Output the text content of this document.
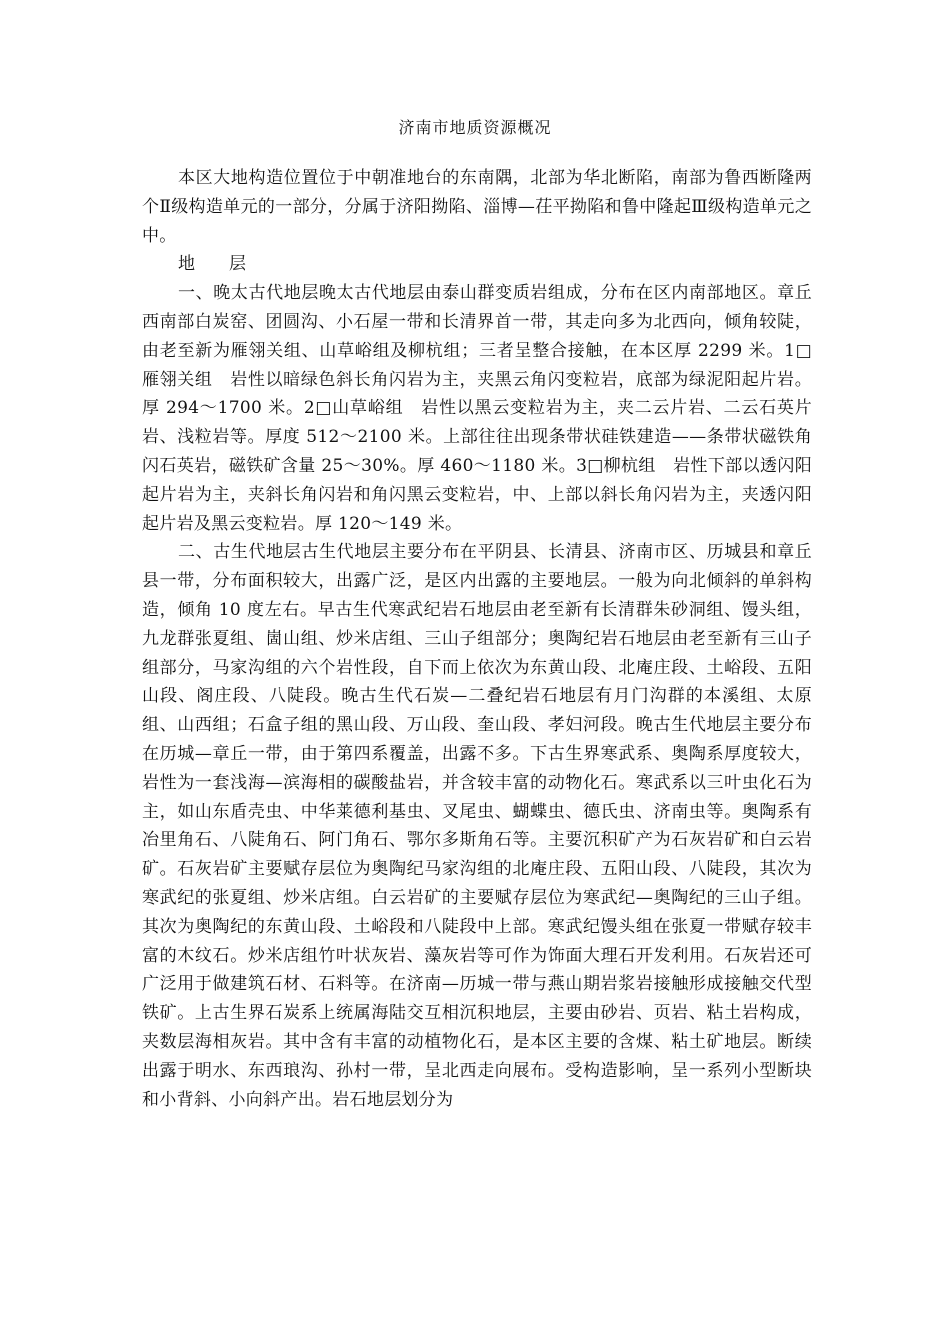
济南市地质资源概况

本区大地构造位置位于中朝准地台的东南隅，北部为华北断陷，南部为鲁西断隆两个Ⅱ级构造单元的一部分，分属于济阳拗陷、淄博—茌平拗陷和鲁中隆起Ⅲ级构造单元之中。

地　　层

一、晚太古代地层晚太古代地层由泰山群变质岩组成，分布在区内南部地区。章丘西南部白炭窑、团圆沟、小石屋一带和长清界首一带，其走向多为北西向，倾角较陡，由老至新为雁翎关组、山草峪组及柳杭组；三者呈整合接触，在本区厚 2299 米。1□雁翎关组　岩性以暗绿色斜长角闪岩为主，夹黑云角闪变粒岩，底部为绿泥阳起片岩。厚 294～1700 米。2□山草峪组　岩性以黑云变粒岩为主，夹二云片岩、二云石英片岩、浅粒岩等。厚度 512～2100 米。上部往往出现条带状硅铁建造——条带状磁铁角闪石英岩，磁铁矿含量 25～30%。厚 460～1180 米。3□柳杭组　岩性下部以透闪阳起片岩为主，夹斜长角闪岩和角闪黑云变粒岩，中、上部以斜长角闪岩为主，夹透闪阳起片岩及黑云变粒岩。厚 120～149 米。

二、古生代地层古生代地层主要分布在平阴县、长清县、济南市区、历城县和章丘县一带，分布面积较大，出露广泛，是区内出露的主要地层。一般为向北倾斜的单斜构造，倾角 10 度左右。早古生代寒武纪岩石地层由老至新有长清群朱砂洞组、馒头组，九龙群张夏组、崮山组、炒米店组、三山子组部分；奥陶纪岩石地层由老至新有三山子组部分，马家沟组的六个岩性段，自下而上依次为东黄山段、北庵庄段、土峪段、五阳山段、阁庄段、八陡段。晚古生代石炭—二叠纪岩石地层有月门沟群的本溪组、太原组、山西组；石盒子组的黑山段、万山段、奎山段、孝妇河段。晚古生代地层主要分布在历城—章丘一带，由于第四系覆盖，出露不多。下古生界寒武系、奥陶系厚度较大，岩性为一套浅海—滨海相的碳酸盐岩，并含较丰富的动物化石。寒武系以三叶虫化石为主，如山东盾壳虫、中华莱德利基虫、叉尾虫、蝴蝶虫、德氏虫、济南虫等。奥陶系有冶里角石、八陡角石、阿门角石、鄂尔多斯角石等。主要沉积矿产为石灰岩矿和白云岩矿。石灰岩矿主要赋存层位为奥陶纪马家沟组的北庵庄段、五阳山段、八陡段，其次为寒武纪的张夏组、炒米店组。白云岩矿的主要赋存层位为寒武纪—奥陶纪的三山子组。其次为奥陶纪的东黄山段、土峪段和八陡段中上部。寒武纪馒头组在张夏一带赋存较丰富的木纹石。炒米店组竹叶状灰岩、藻灰岩等可作为饰面大理石开发利用。石灰岩还可广泛用于做建筑石材、石料等。在济南—历城一带与燕山期岩浆岩接触形成接触交代型铁矿。上古生界石炭系上统属海陆交互相沉积地层，主要由砂岩、页岩、粘土岩构成，夹数层海相灰岩。其中含有丰富的动植物化石，是本区主要的含煤、粘土矿地层。断续出露于明水、东西琅沟、孙村一带，呈北西走向展布。受构造影响，呈一系列小型断块和小背斜、小向斜产出。岩石地层划分为
